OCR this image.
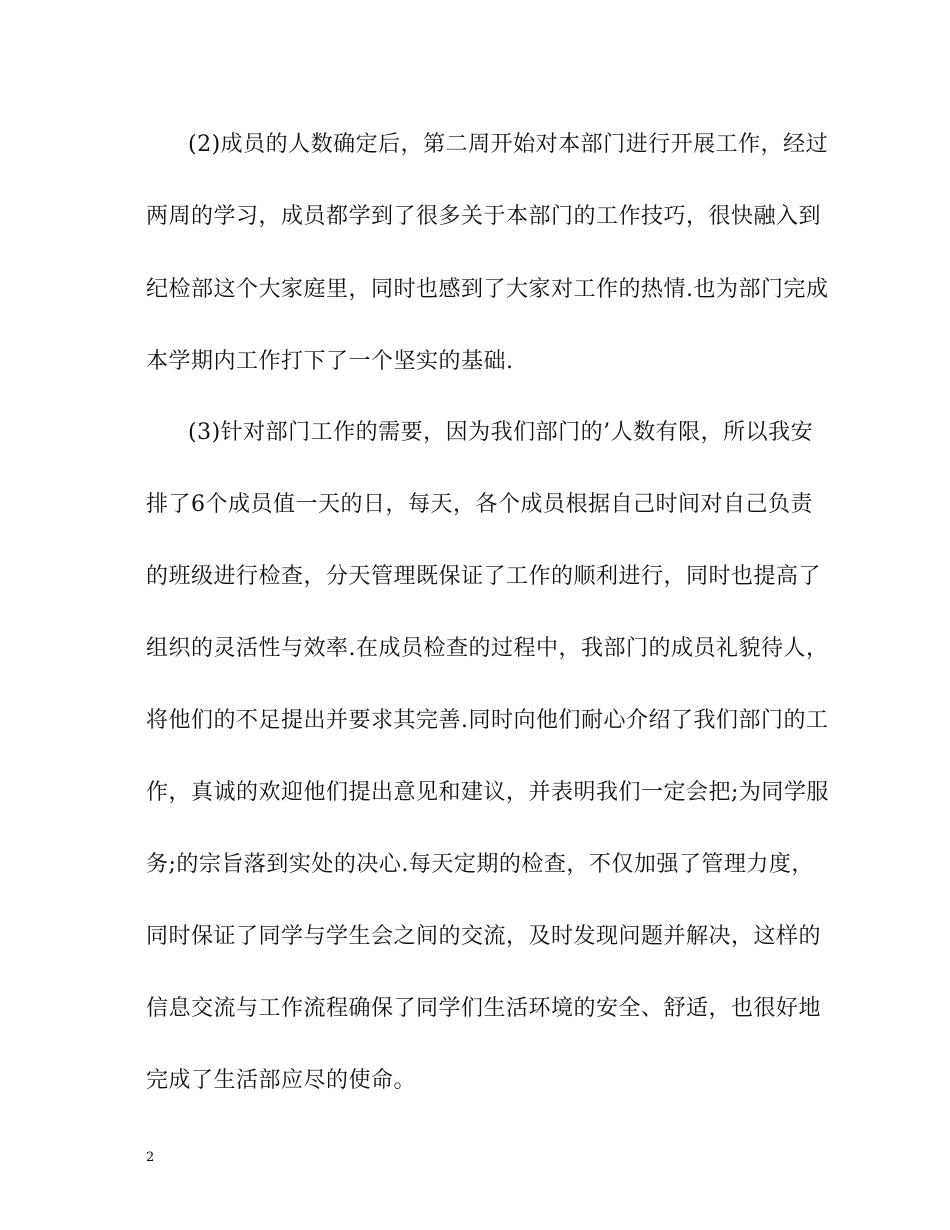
(2)成员的人数确定后，第二周开始对本部门进行开展工作，经过
两周的学习，成员都学到了很多关于本部门的工作技巧，很快融入到
纪检部这个大家庭里，同时也感到了大家对工作的热情.也为部门完成
本学期内工作打下了一个坚实的基础.
(3)针对部门工作的需要，因为我们部门的’人数有限，所以我安
排了6个成员值一天的日，每天，各个成员根据自己时间对自己负责
的班级进行检查，分天管理既保证了工作的顺利进行，同时也提高了
组织的灵活性与效率.在成员检查的过程中，我部门的成员礼貌待人，
将他们的不足提出并要求其完善.同时向他们耐心介绍了我们部门的工
作，真诚的欢迎他们提出意见和建议，并表明我们一定会把;为同学服
务;的宗旨落到实处的决心.每天定期的检查，不仅加强了管理力度，
同时保证了同学与学生会之间的交流，及时发现问题并解决，这样的
信息交流与工作流程确保了同学们生活环境的安全、舒适，也很好地
完成了生活部应尽的使命。
2
